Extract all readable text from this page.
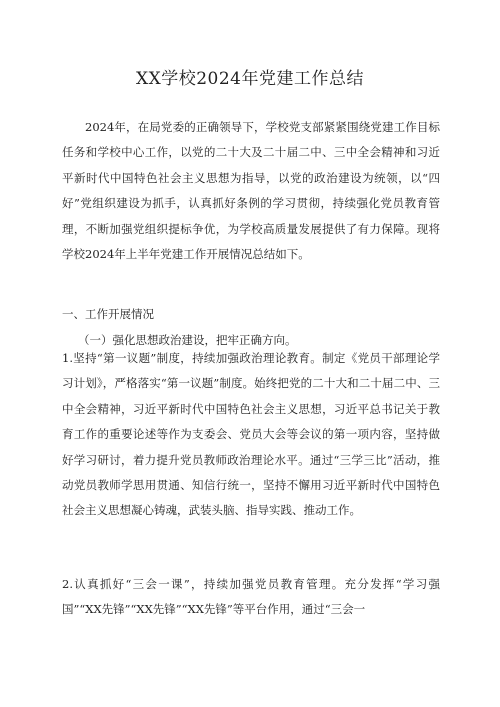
XX学校2024年党建工作总结
2024年，在局党委的正确领导下，学校党支部紧紧围绕党建工作目标任务和学校中心工作，以党的二十大及二十届二中、三中全会精神和习近平新时代中国特色社会主义思想为指导，以党的政治建设为统领，以“四好”党组织建设为抓手，认真抓好条例的学习贯彻，持续强化党员教育管理，不断加强党组织提标争优，为学校高质量发展提供了有力保障。现将学校2024年上半年党建工作开展情况总结如下。
一、工作开展情况
（一）强化思想政治建设，把牢正确方向。
1.坚持“第一议题”制度，持续加强政治理论教育。制定《党员干部理论学习计划》，严格落实“第一议题”制度。始终把党的二十大和二十届二中、三中全会精神，习近平新时代中国特色社会主义思想，习近平总书记关于教育工作的重要论述等作为支委会、党员大会等会议的第一项内容，坚持做好学习研讨，着力提升党员教师政治理论水平。通过“三学三比”活动，推动党员教师学思用贯通、知信行统一，坚持不懈用习近平新时代中国特色社会主义思想凝心铸魂，武装头脑、指导实践、推动工作。
2.认真抓好“三会一课”，持续加强党员教育管理。充分发挥“学习强国”“XX先锋”“XX先锋”“XX先锋”等平台作用，通过“三会一
